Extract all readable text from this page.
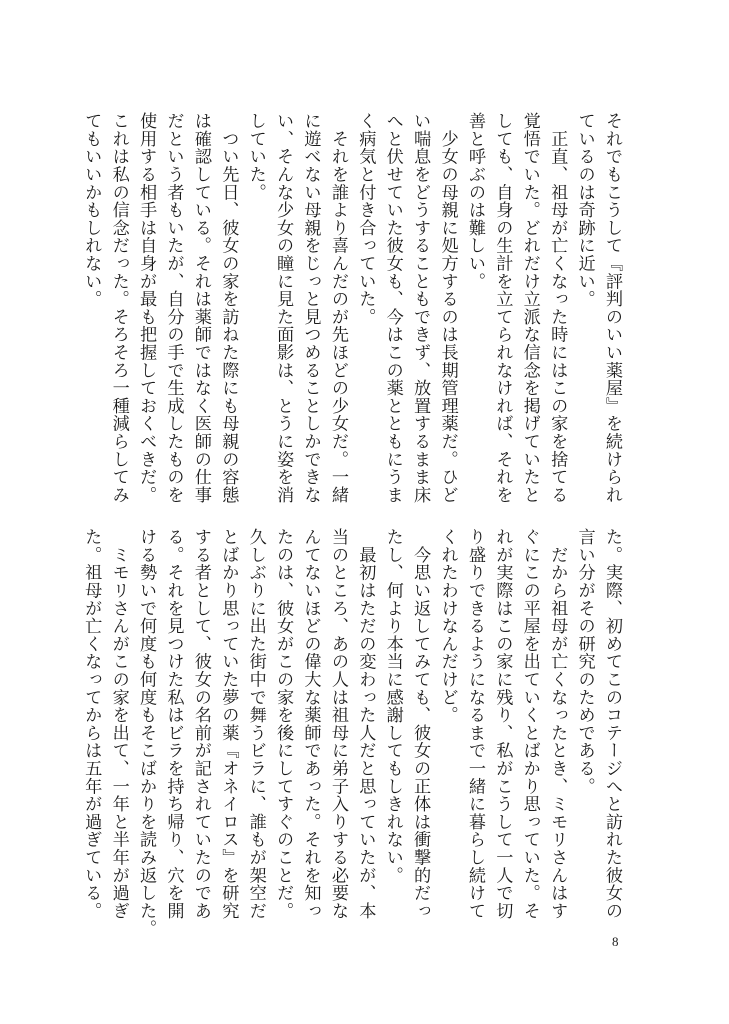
それでもこうして『評判のいい薬屋』を続けられ
ているのは奇跡に近い。
　正直、祖母が亡くなった時にはこの家を捨てる
覚悟でいた。どれだけ立派な信念を掲げていたと
しても、自身の生計を立てられなければ、それを
善と呼ぶのは難しい。
　少女の母親に処方するのは長期管理薬だ。ひど
い喘息をどうすることもできず、放置するまま床
へと伏せていた彼女も、今はこの薬とともにうま
く病気と付き合っていた。
　それを誰より喜んだのが先ほどの少女だ。一緒
に遊べない母親をじっと見つめることしかできな
い、そんな少女の瞳に見た面影は、とうに姿を消
していた。
　つい先日、彼女の家を訪ねた際にも母親の容態
は確認している。それは薬師ではなく医師の仕事
だという者もいたが、自分の手で生成したものを
使用する相手は自身が最も把握しておくべきだ。
これは私の信念だった。そろそろ一種減らしてみ
てもいいかもしれない。
た。実際、初めてこのコテージへと訪れた彼女の
言い分がその研究のためである。
　だから祖母が亡くなったとき、ミモリさんはす
ぐにこの平屋を出ていくとばかり思っていた。そ
れが実際はこの家に残り、私がこうして一人で切
り盛りできるようになるまで一緒に暮らし続けて
くれたわけなんだけど。
　今思い返してみても、彼女の正体は衝撃的だっ
たし、何より本当に感謝してもしきれない。
　最初はただの変わった人だと思っていたが、本
当のところ、あの人は祖母に弟子入りする必要な
んてないほどの偉大な薬師であった。それを知っ
たのは、彼女がこの家を後にしてすぐのことだ。
久しぶりに出た街中で舞うビラに、誰もが架空だ
とばかり思っていた夢の薬『オネイロス』を研究
する者として、彼女の名前が記されていたのであ
る。それを見つけた私はビラを持ち帰り、穴を開
ける勢いで何度も何度もそこばかりを読み返した。
　ミモリさんがこの家を出て、一年と半年が過ぎ
た。祖母が亡くなってからは五年が過ぎている。
8
